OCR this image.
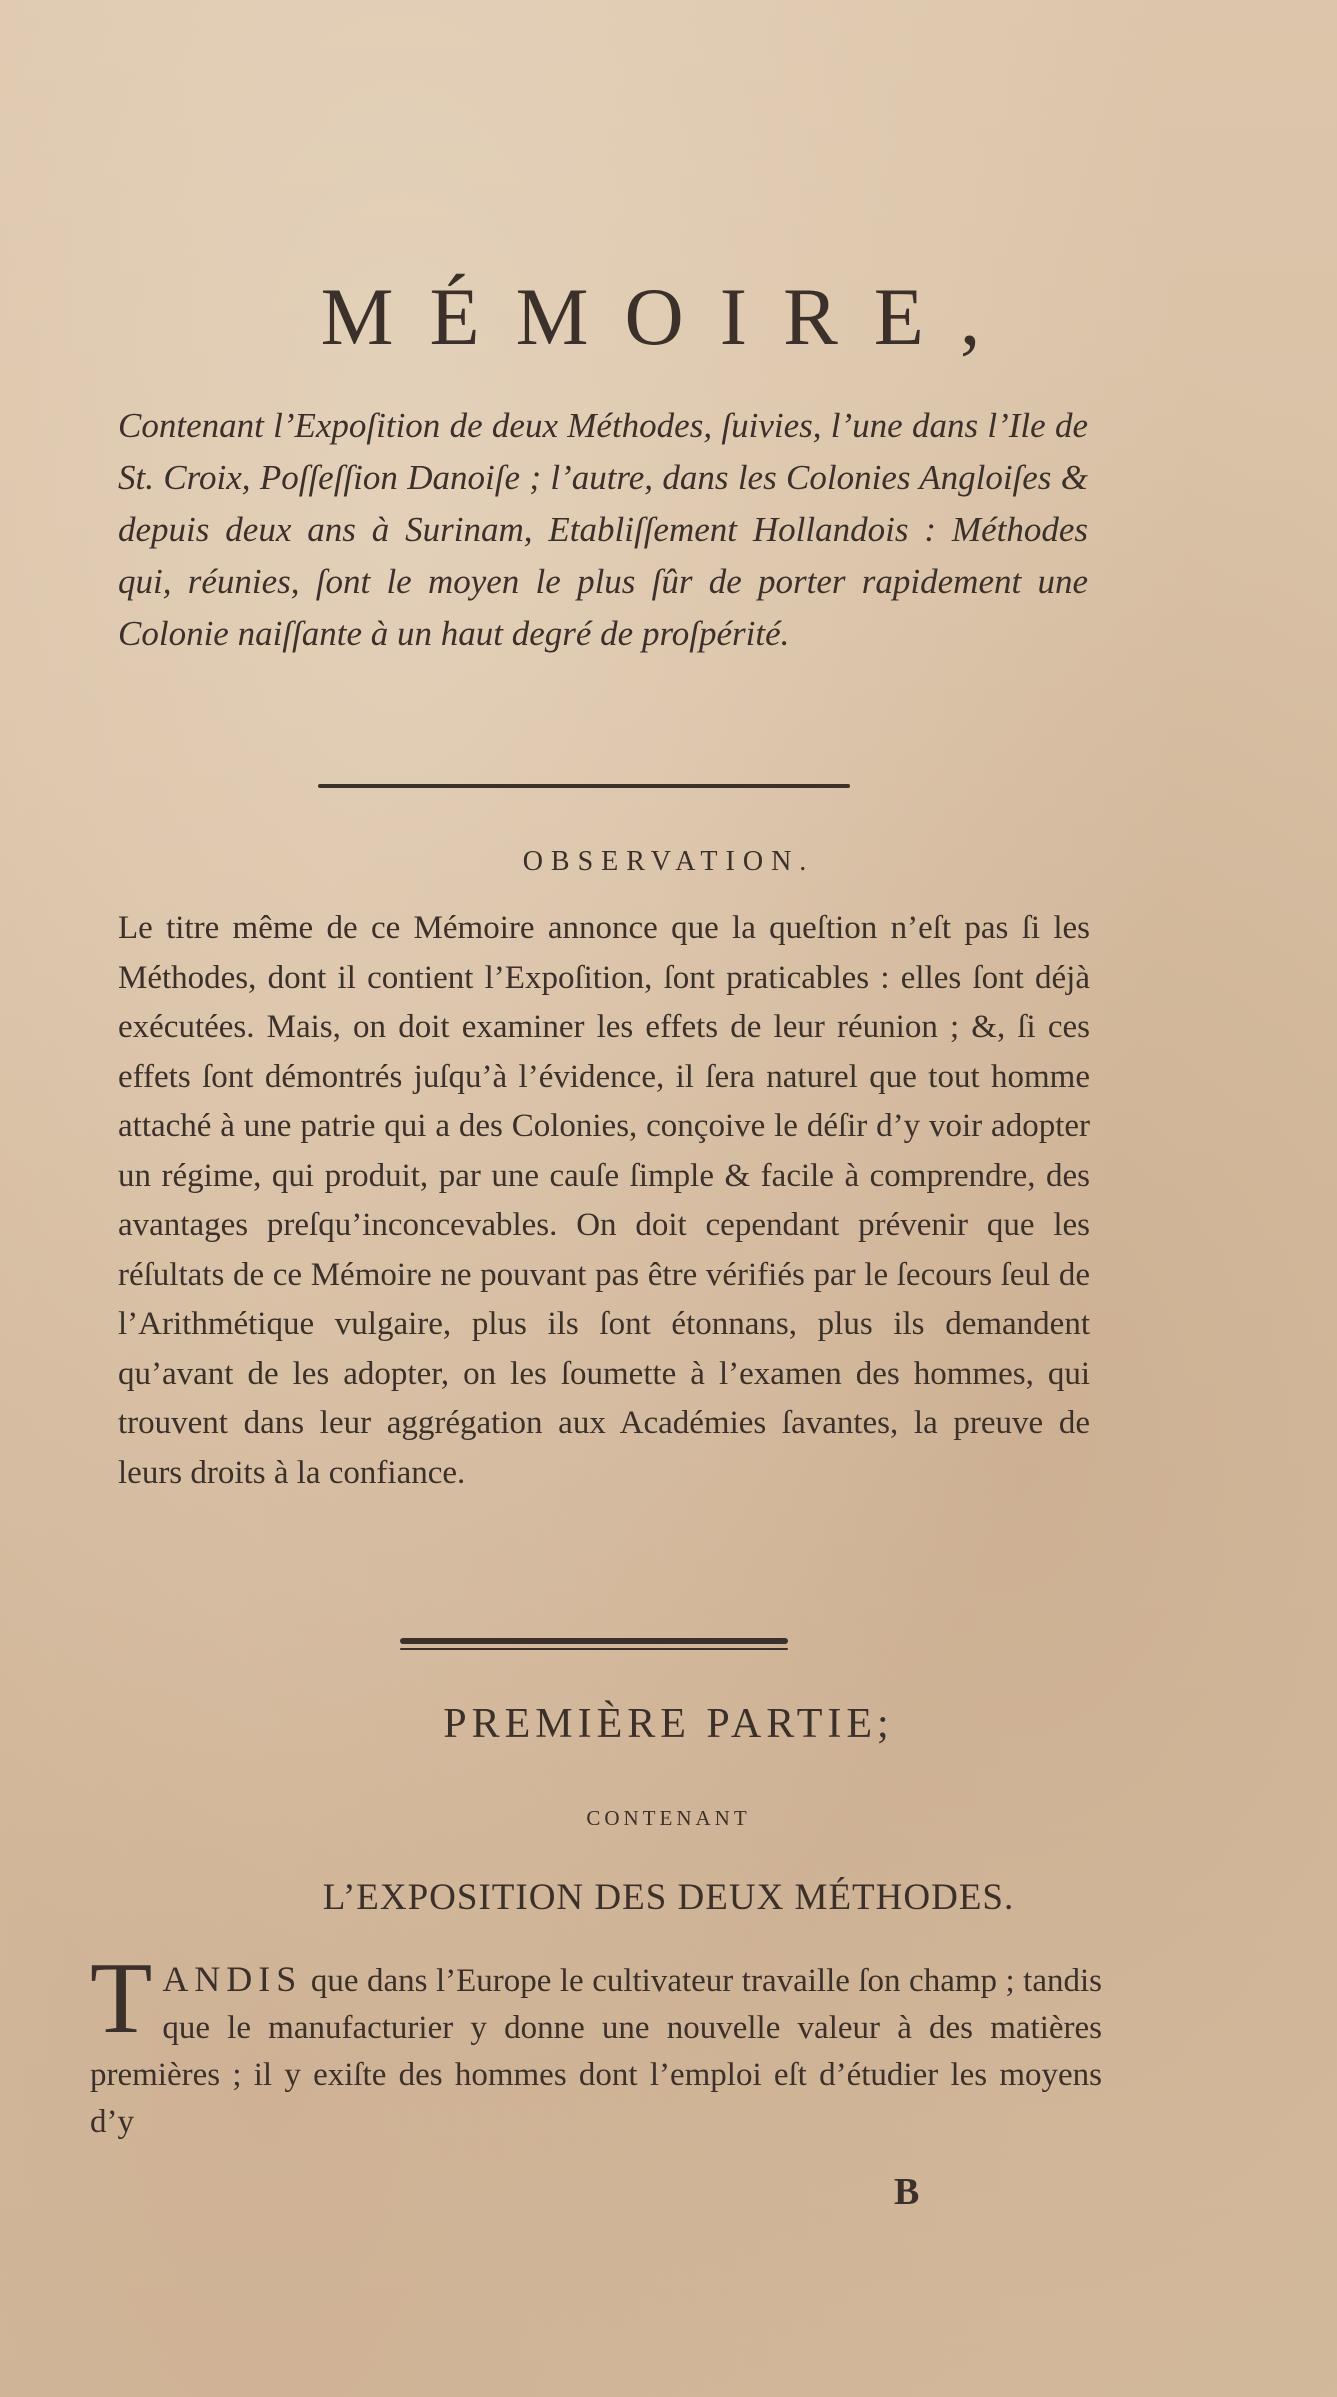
MÉMOIRE,
Contenant l’Expoſition de deux Méthodes, ſuivies, l’une dans l’Ile de St. Croix, Poſſeſſion Danoiſe ; l’autre, dans les Colonies Angloiſes & depuis deux ans à Surinam, Etabliſſement Hollandois : Méthodes qui, réunies, ſont le moyen le plus ſûr de porter rapidement une Colonie naiſſante à un haut degré de proſpérité.
OBSERVATION.
Le titre même de ce Mémoire annonce que la queſtion n’eſt pas ſi les Méthodes, dont il contient l’Expoſition, ſont praticables : elles ſont déjà exécutées. Mais, on doit examiner les effets de leur réunion ; &, ſi ces effets ſont démontrés juſqu’à l’évidence, il ſera naturel que tout homme attaché à une patrie qui a des Colonies, conçoive le déſir d’y voir adopter un régime, qui produit, par une cauſe ſimple & facile à comprendre, des avantages preſqu’inconcevables. On doit cependant prévenir que les réſultats de ce Mémoire ne pouvant pas être vérifiés par le ſecours ſeul de l’Arithmétique vulgaire, plus ils ſont étonnans, plus ils demandent qu’avant de les adopter, on les ſoumette à l’examen des hommes, qui trouvent dans leur aggrégation aux Académies ſavantes, la preuve de leurs droits à la confiance.
PREMIÈRE PARTIE;
CONTENANT
L’EXPOSITION DES DEUX MÉTHODES.
TANDIS que dans l’Europe le cultivateur travaille ſon champ ; tandis que le manufacturier y donne une nouvelle valeur à des matières premières ; il y exiſte des hommes dont l’emploi eſt d’étudier les moyens d’y
B
